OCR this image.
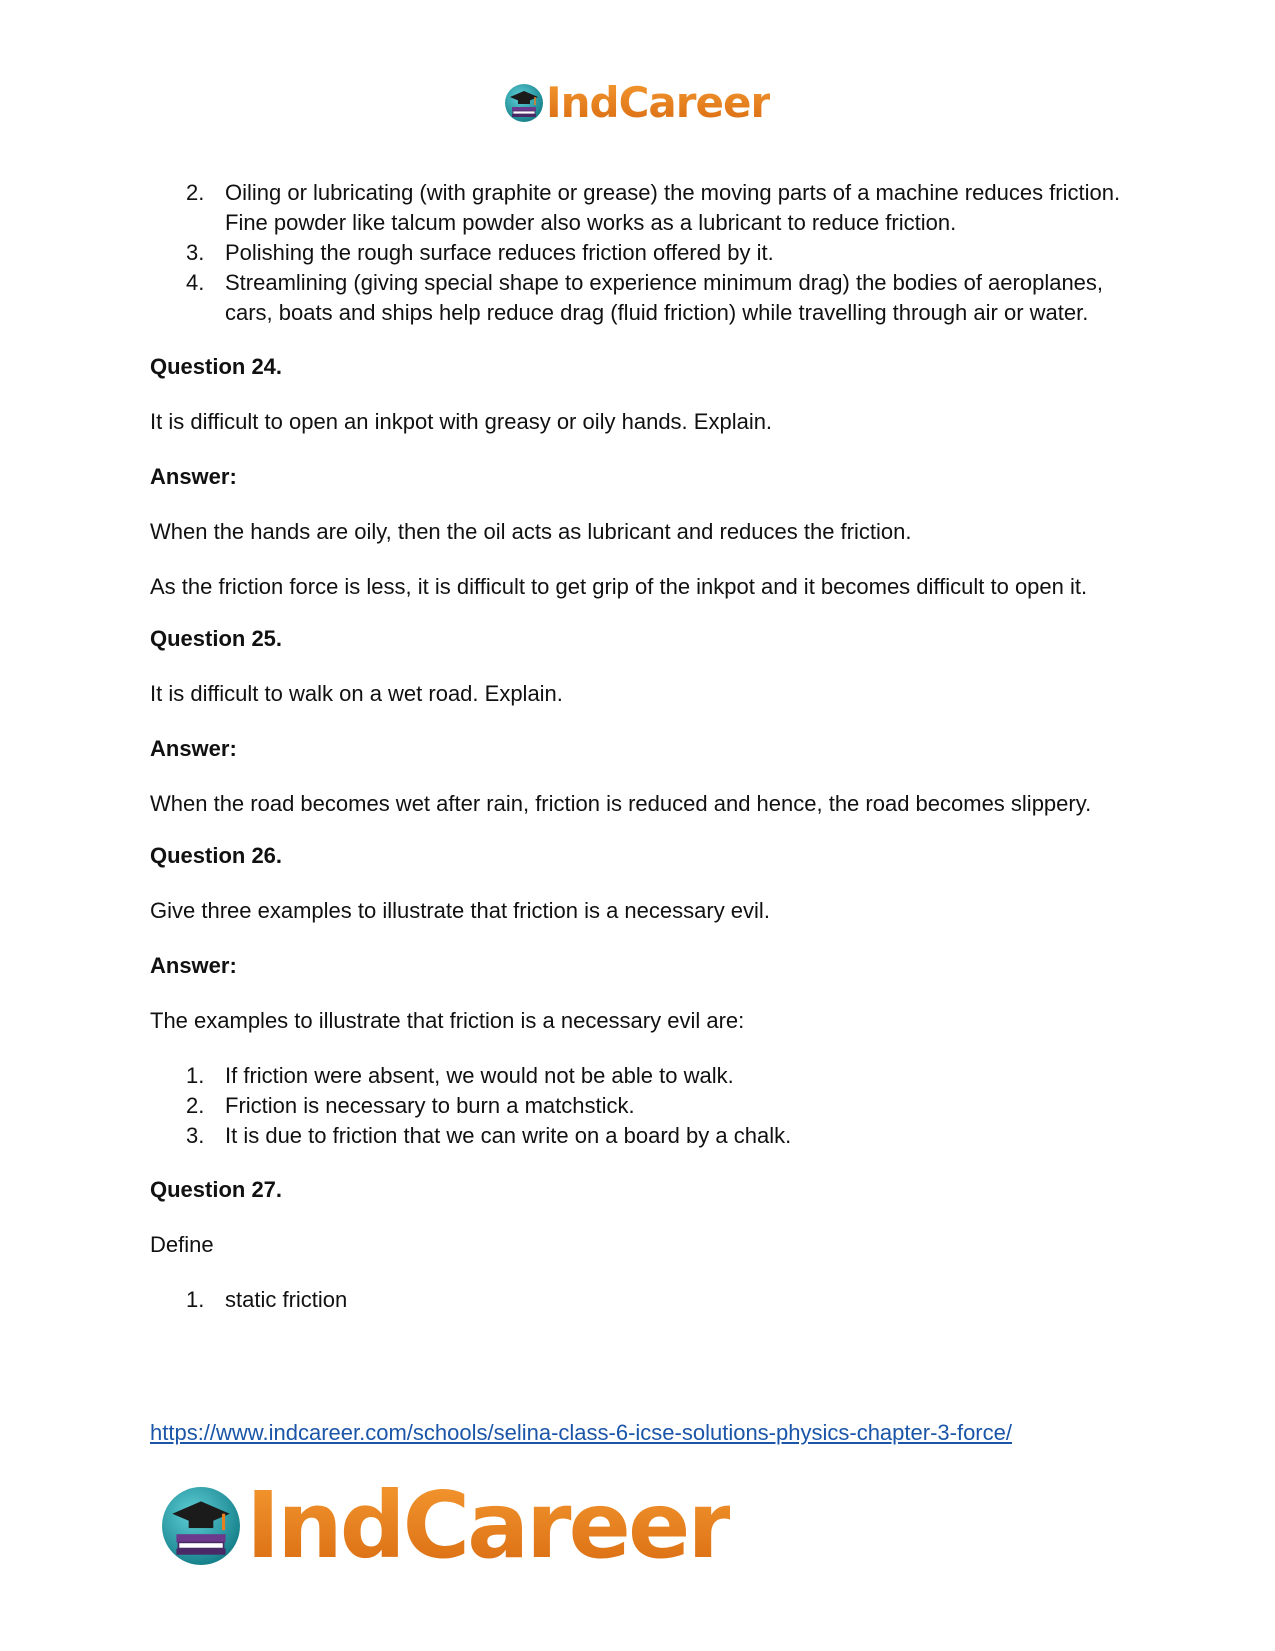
IndCareer
2. Oiling or lubricating (with graphite or grease) the moving parts of a machine reduces friction. Fine powder like talcum powder also works as a lubricant to reduce friction.
3. Polishing the rough surface reduces friction offered by it.
4. Streamlining (giving special shape to experience minimum drag) the bodies of aeroplanes, cars, boats and ships help reduce drag (fluid friction) while travelling through air or water.

Question 24.

It is difficult to open an inkpot with greasy or oily hands. Explain.

Answer:

When the hands are oily, then the oil acts as lubricant and reduces the friction.

As the friction force is less, it is difficult to get grip of the inkpot and it becomes difficult to open it.

Question 25.

It is difficult to walk on a wet road. Explain.

Answer:

When the road becomes wet after rain, friction is reduced and hence, the road becomes slippery.

Question 26.

Give three examples to illustrate that friction is a necessary evil.

Answer:

The examples to illustrate that friction is a necessary evil are:

1. If friction were absent, we would not be able to walk.
2. Friction is necessary to burn a matchstick.
3. It is due to friction that we can write on a board by a chalk.

Question 27.

Define

1. static friction
https://www.indcareer.com/schools/selina-class-6-icse-solutions-physics-chapter-3-force/
IndCareer
